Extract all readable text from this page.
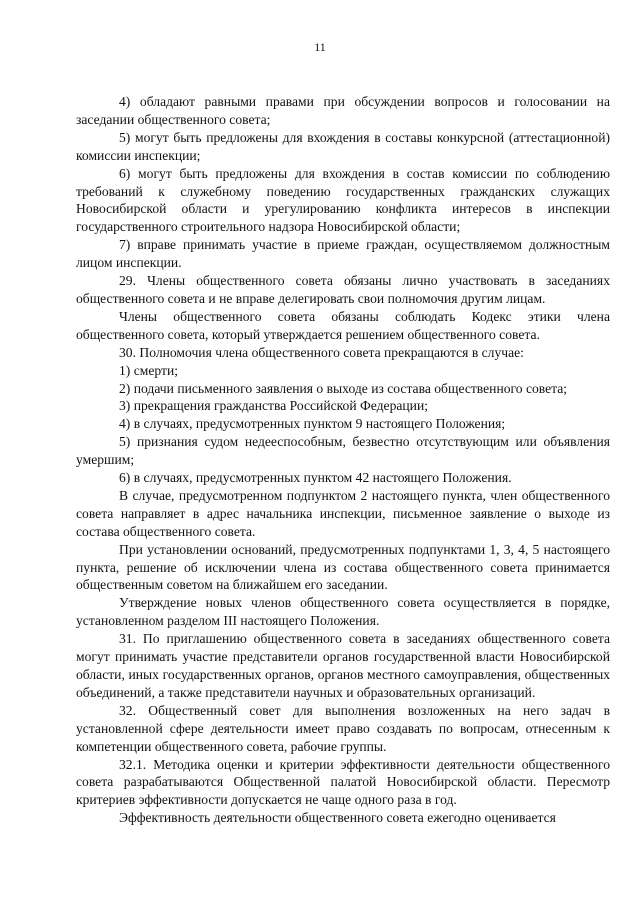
11

4) обладают равными правами при обсуждении вопросов и голосовании на заседании общественного совета;

5) могут быть предложены для вхождения в составы конкурсной (аттестационной) комиссии инспекции;

6) могут быть предложены для вхождения в состав комиссии по соблюдению требований к служебному поведению государственных гражданских служащих Новосибирской области и урегулированию конфликта интересов в инспекции государственного строительного надзора Новосибирской области;

7) вправе принимать участие в приеме граждан, осуществляемом должностным лицом инспекции.

29. Члены общественного совета обязаны лично участвовать в заседаниях общественного совета и не вправе делегировать свои полномочия другим лицам.

Члены общественного совета обязаны соблюдать Кодекс этики члена общественного совета, который утверждается решением общественного совета.

30. Полномочия члена общественного совета прекращаются в случае:

1) смерти;

2) подачи письменного заявления о выходе из состава общественного совета;

3) прекращения гражданства Российской Федерации;

4) в случаях, предусмотренных пунктом 9 настоящего Положения;

5) признания судом недееспособным, безвестно отсутствующим или объявления умершим;

6) в случаях, предусмотренных пунктом 42 настоящего Положения.

В случае, предусмотренном подпунктом 2 настоящего пункта, член общественного совета направляет в адрес начальника инспекции, письменное заявление о выходе из состава общественного совета.

При установлении оснований, предусмотренных подпунктами 1, 3, 4, 5 настоящего пункта, решение об исключении члена из состава общественного совета принимается общественным советом на ближайшем его заседании.

Утверждение новых членов общественного совета осуществляется в порядке, установленном разделом III настоящего Положения.

31. По приглашению общественного совета в заседаниях общественного совета могут принимать участие представители органов государственной власти Новосибирской области, иных государственных органов, органов местного самоуправления, общественных объединений, а также представители научных и образовательных организаций.

32. Общественный совет для выполнения возложенных на него задач в установленной сфере деятельности имеет право создавать по вопросам, отнесенным к компетенции общественного совета, рабочие группы.

32.1. Методика оценки и критерии эффективности деятельности общественного совета разрабатываются Общественной палатой Новосибирской области. Пересмотр критериев эффективности допускается не чаще одного раза в год.

Эффективность деятельности общественного совета ежегодно оценивается
